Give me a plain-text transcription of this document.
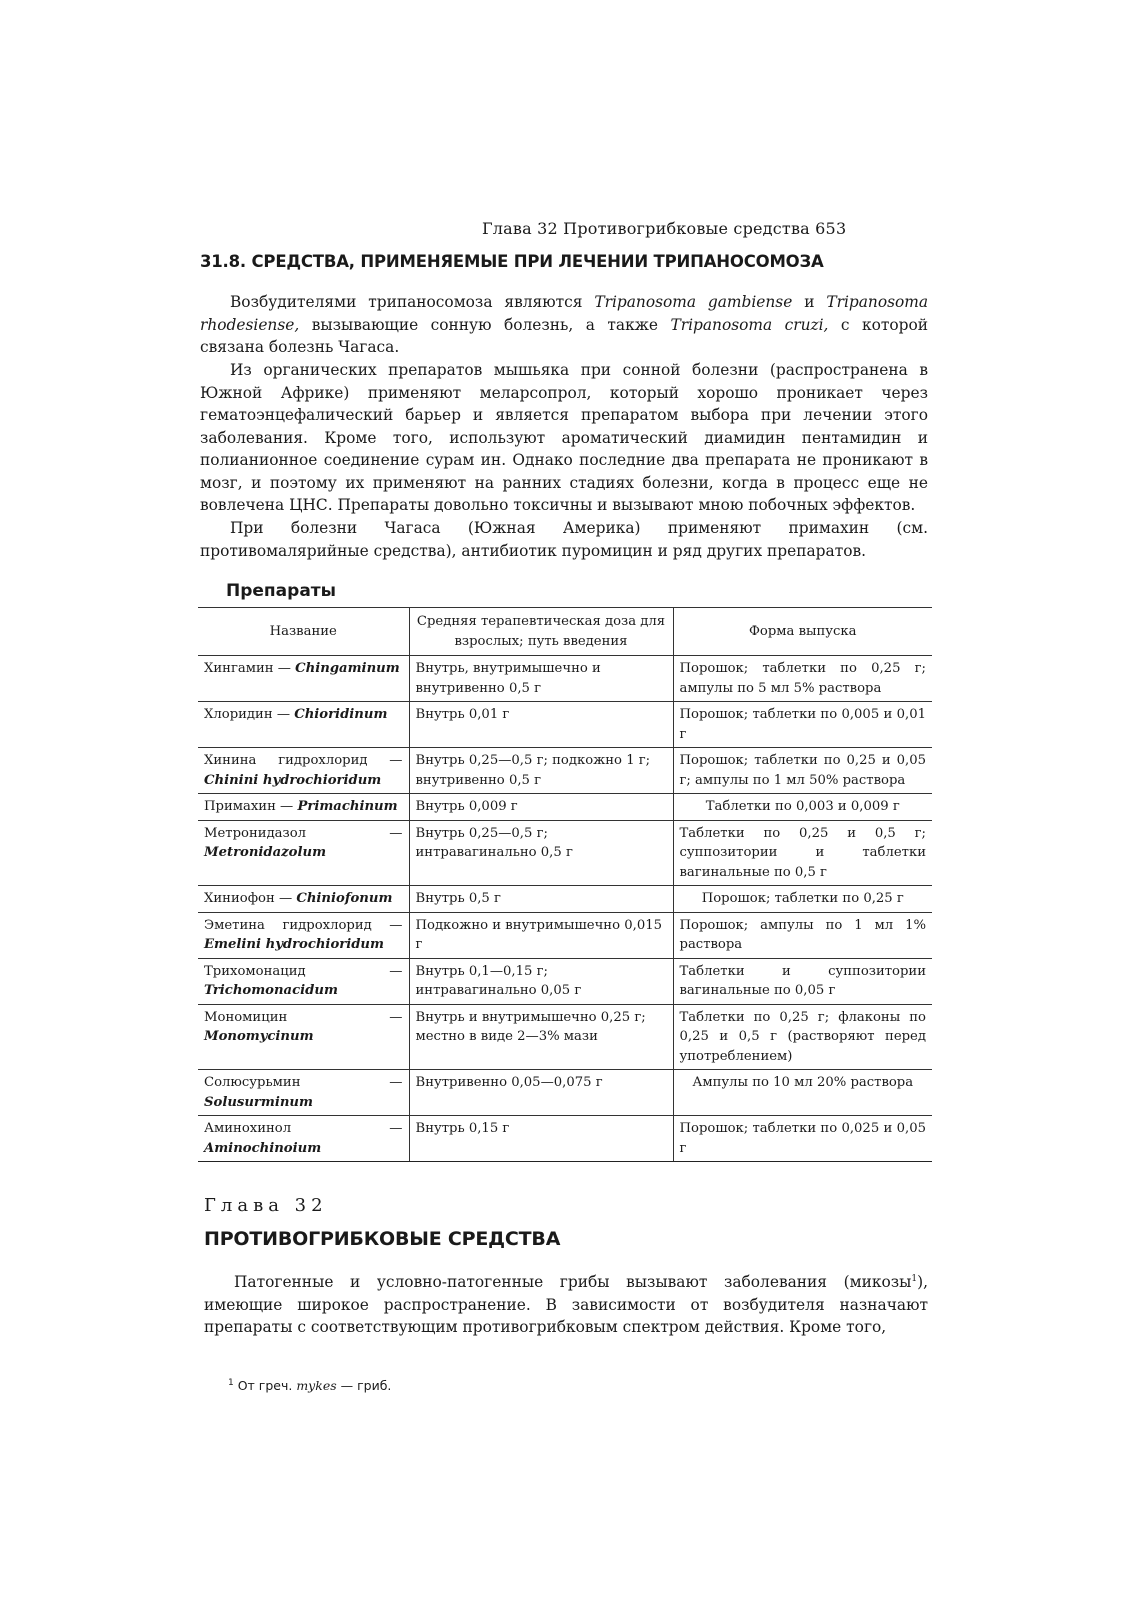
Глава 32 Противогрибковые средства 653
31.8. СРЕДСТВА, ПРИМЕНЯЕМЫЕ ПРИ ЛЕЧЕНИИ ТРИПАНОСОМОЗА

Возбудителями трипаносомоза являются Tripanosoma gambiense и Tripanosoma rhodesiense, вызывающие сонную болезнь, а также Tripanosoma cruzi, с которой связана болезнь Чагаса.

Из органических препаратов мышьяка при сонной болезни (распространена в Южной Африке) применяют меларсопрол, который хорошо проникает через гематоэнцефалический барьер и является препаратом выбора при лечении этого заболевания. Кроме того, используют ароматический диамидин пентамидин и полианионное соединение сурам ин. Однако последние два препарата не проникают в мозг, и поэтому их применяют на ранних стадиях болезни, когда в процесс еще не вовлечена ЦНС. Препараты довольно токсичны и вызывают мною побочных эффектов.

При болезни Чагаса (Южная Америка) применяют примахин (см. противомалярийные средства), антибиотик пуромицин и ряд других препаратов.

Препараты
Название	Средняя терапевтическая доза для взрослых; путь введения	Форма выпуска
Хингамин — Chingaminum	Внутрь, внутримышечно и внутривенно 0,5 г	Порошок; таблетки по 0,25 г; ампулы по 5 мл 5% раствора
Хлоридин — Chioridinum	Внутрь 0,01 г	Порошок; таблетки по 0,005 и 0,01 г
Хинина гидрохлорид — Chinini hydrochioridum	Внутрь 0,25—0,5 г; подкожно 1 г; внутривенно 0,5 г	Порошок; таблетки по 0,25 и 0,05 г; ампулы по 1 мл 50% раствора
Примахин — Primachinum	Внутрь 0,009 г	Таблетки по 0,003 и 0,009 г
Метронидазол — Metronidazolum	Внутрь 0,25—0,5 г; интравагинально 0,5 г	Таблетки по 0,25 и 0,5 г; суппозитории и таблетки вагинальные по 0,5 г
Хиниофон — Chiniofonum	Внутрь 0,5 г	Порошок; таблетки по 0,25 г
Эметина гидрохлорид — Emelini hydrochioridum	Подкожно и внутримышечно 0,015 г	Порошок; ампулы по 1 мл 1% раствора
Трихомонацид — Trichomonacidum	Внутрь 0,1—0,15 г; интравагинально 0,05 г	Таблетки и суппозитории вагинальные по 0,05 г
Мономицин — Monomycinum	Внутрь и внутримышечно 0,25 г; местно в виде 2—3% мази	Таблетки по 0,25 г; флаконы по 0,25 и 0,5 г (растворяют перед употреблением)
Солюсурьмин — Solusurminum	Внутривенно 0,05—0,075 г	Ампулы по 10 мл 20% раствора
Аминохинол — Aminochinoium	Внутрь 0,15 г	Порошок; таблетки по 0,025 и 0,05 г
Глава 32
ПРОТИВОГРИБКОВЫЕ СРЕДСТВА

Патогенные и условно-патогенные грибы вызывают заболевания (микозы$^1$), имеющие широкое распространение. В зависимости от возбудителя назначают препараты с соответствующим противогрибковым спектром действия. Кроме того,

$^1$ От греч. mykes — гриб.
